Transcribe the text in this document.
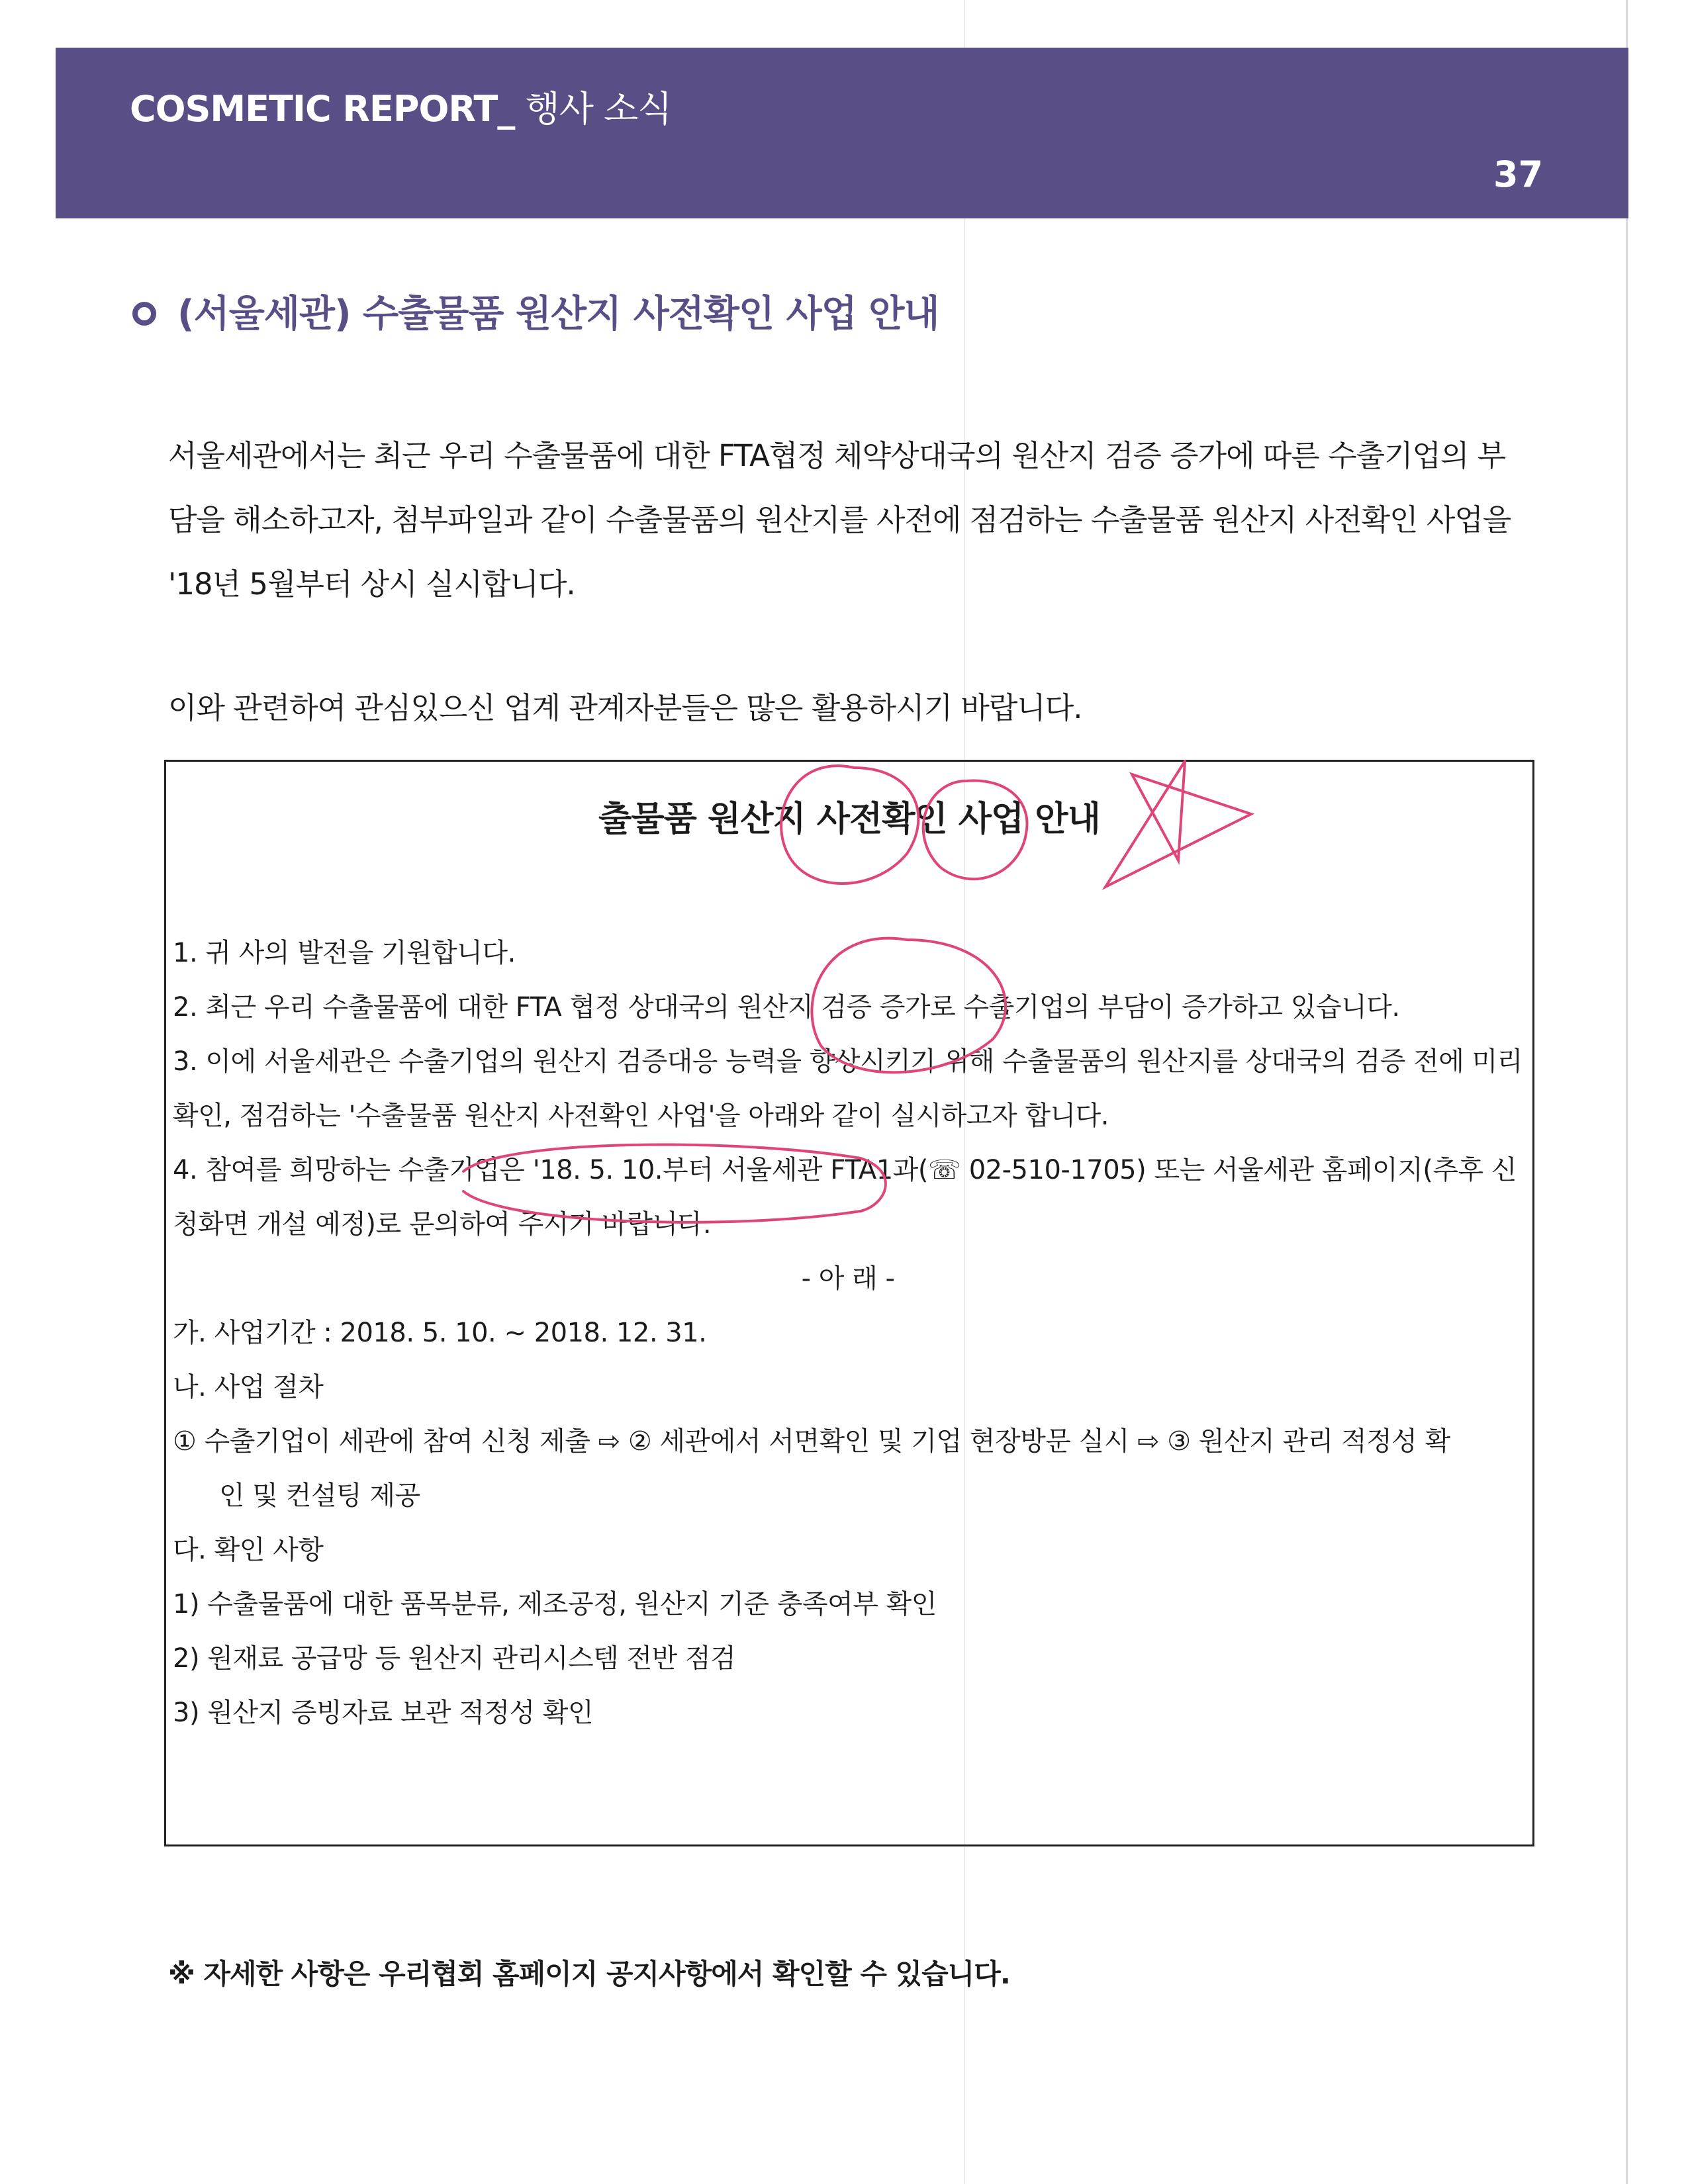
COSMETIC REPORT_ 행사 소식
37
(서울세관) 수출물품 원산지 사전확인 사업 안내

서울세관에서는 최근 우리 수출물품에 대한 FTA협정 체약상대국의 원산지 검증 증가에 따른 수출기업의 부담을 해소하고자, 첨부파일과 같이 수출물품의 원산지를 사전에 점검하는 수출물품 원산지 사전확인 사업을 '18년 5월부터 상시 실시합니다.

이와 관련하여 관심있으신 업계 관계자분들은 많은 활용하시기 바랍니다.

출물품 원산지 사전확인 사업 안내
1. 귀 사의 발전을 기원합니다.
2. 최근 우리 수출물품에 대한 FTA 협정 상대국의 원산지 검증 증가로 수출기업의 부담이 증가하고 있습니다.
3. 이에 서울세관은 수출기업의 원산지 검증대응 능력을 향상시키기 위해 수출물품의 원산지를 상대국의 검증 전에 미리 확인, 점검하는 '수출물품 원산지 사전확인 사업'을 아래와 같이 실시하고자 합니다.
4. 참여를 희망하는 수출기업은 '18. 5. 10.부터 서울세관 FTA1과(☏ 02-510-1705) 또는 서울세관 홈페이지(추후 신청화면 개설 예정)로 문의하여 주시기 바랍니다.
- 아 래 -
가. 사업기간 : 2018. 5. 10. ~ 2018. 12. 31.
나. 사업 절차
① 수출기업이 세관에 참여 신청 제출 ⇨ ② 세관에서 서면확인 및 기업 현장방문 실시 ⇨ ③ 원산지 관리 적정성 확
인 및 컨설팅 제공
다. 확인 사항
1) 수출물품에 대한 품목분류, 제조공정, 원산지 기준 충족여부 확인
2) 원재료 공급망 등 원산지 관리시스템 전반 점검
3) 원산지 증빙자료 보관 적정성 확인
※ 자세한 사항은 우리협회 홈페이지 공지사항에서 확인할 수 있습니다.
